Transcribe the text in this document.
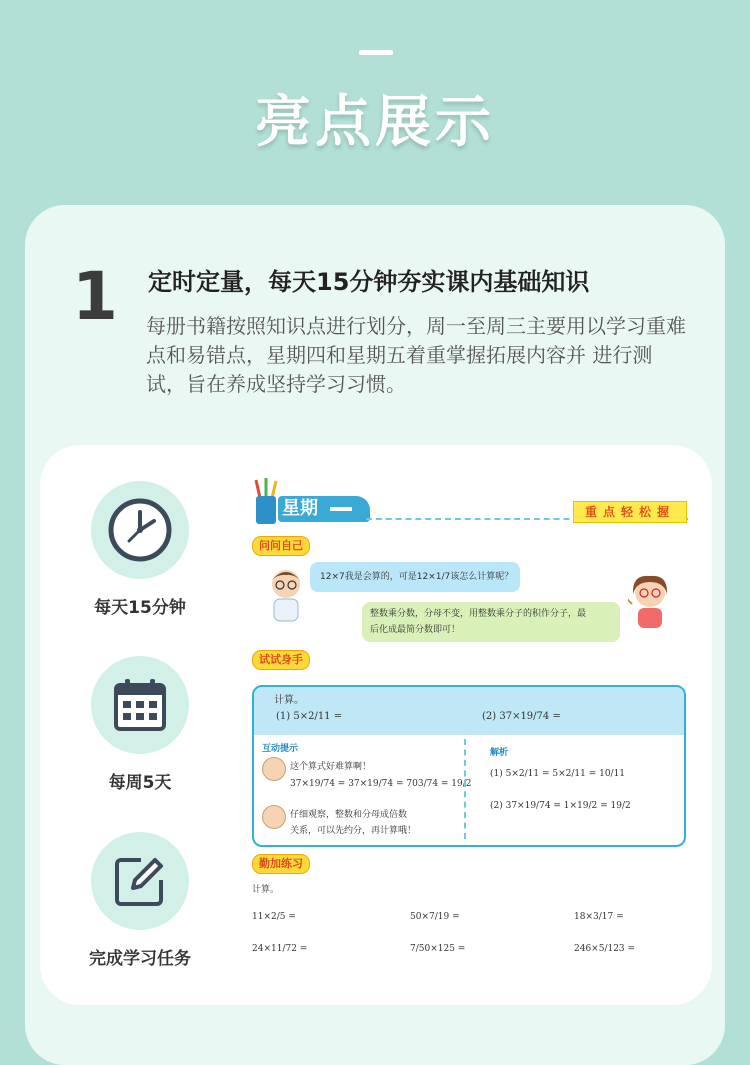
亮点展示
1 定时定量，每天15分钟夯实课内基础知识
每册书籍按照知识点进行划分，周一至周三主要用以学习重难点和易错点，星期四和星期五着重掌握拓展内容并 进行测试，旨在养成坚持学习习惯。
每天15分钟
每周5天
完成学习任务
星期	重点轻松握
问问自己
12×7我是会算的，可是12×1/7该怎么计算呢？
整数乘分数，分母不变，用整数乘分子的积作分子，最
后化成最简分数即可！
试试身手
计算。
(1) 5×2/11 =	(2) 37×19/74 =
互动提示
这个算式好难算啊！
37×19/74 = 37×19/74 = 703/74 = 19/2
仔细观察，整数和分母成倍数
关系，可以先约分，再计算哦！
解析
(1) 5×2/11 = 5×2/11 = 10/11
(2) 37×19/74 = 1×19/2 = 19/2
勤加练习
计算。
11×2/5 =	50×7/19 =	18×3/17 =
24×11/72 =	7/50×125 =	246×5/123 =
